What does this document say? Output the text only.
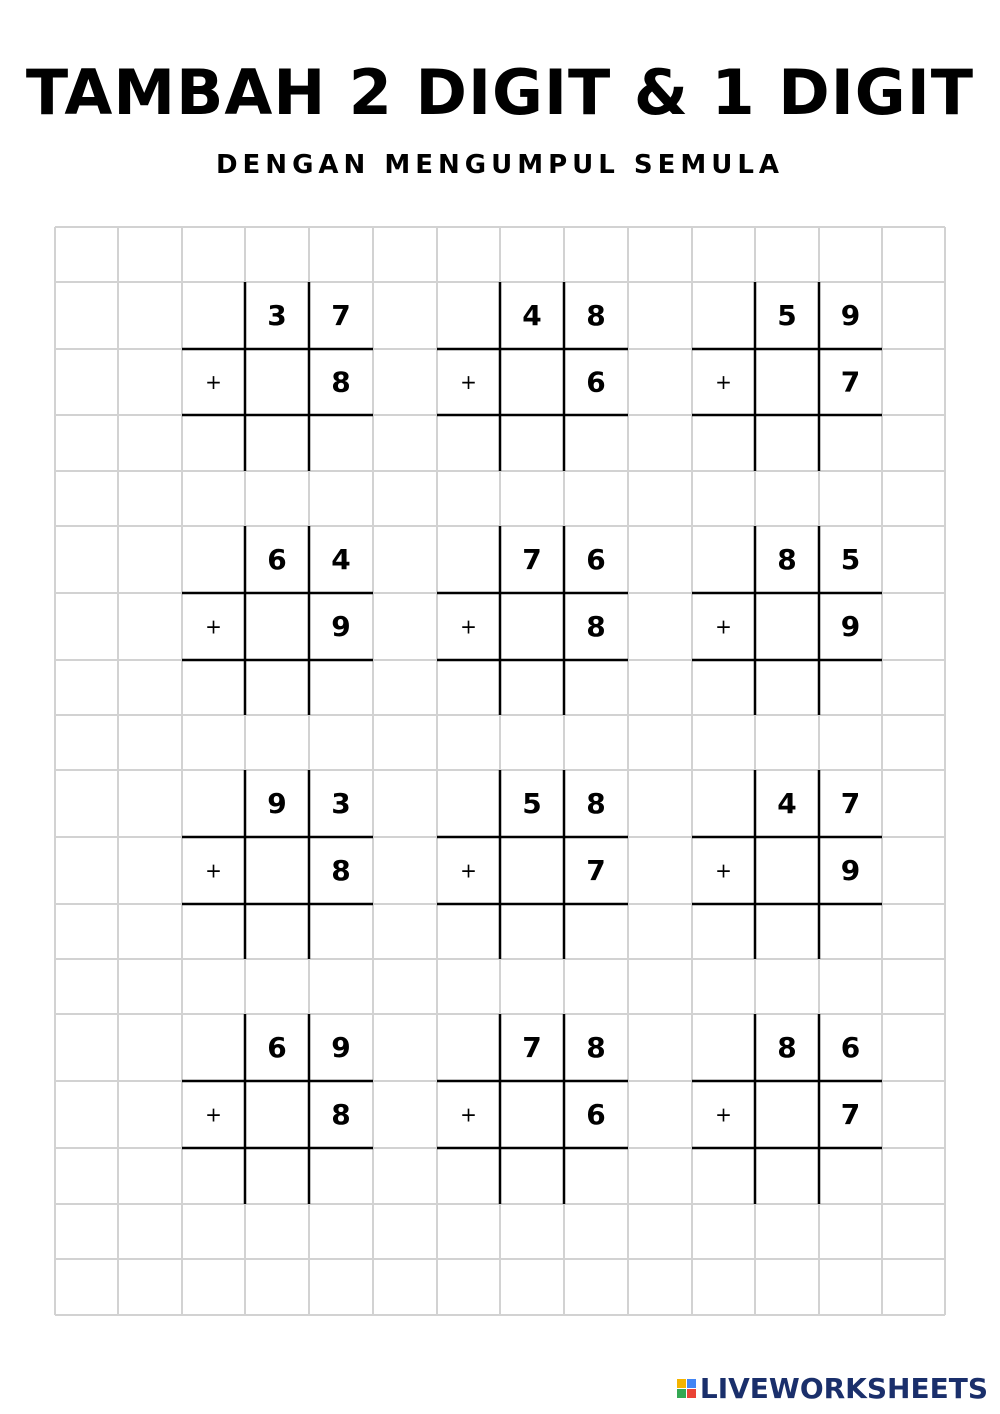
TAMBAH 2 DIGIT & 1 DIGIT
DENGAN MENGUMPUL SEMULA
3 7
+	8
4 8
+	6
5 9
+	7
6 4
+	9
7 6
+	8
8 5
+	9
9 3
+	8
5 8
+	7
4 7
+	9
6 9
+	8
7 8
+	6
8 6
+	7
LIVEWORKSHEETS
